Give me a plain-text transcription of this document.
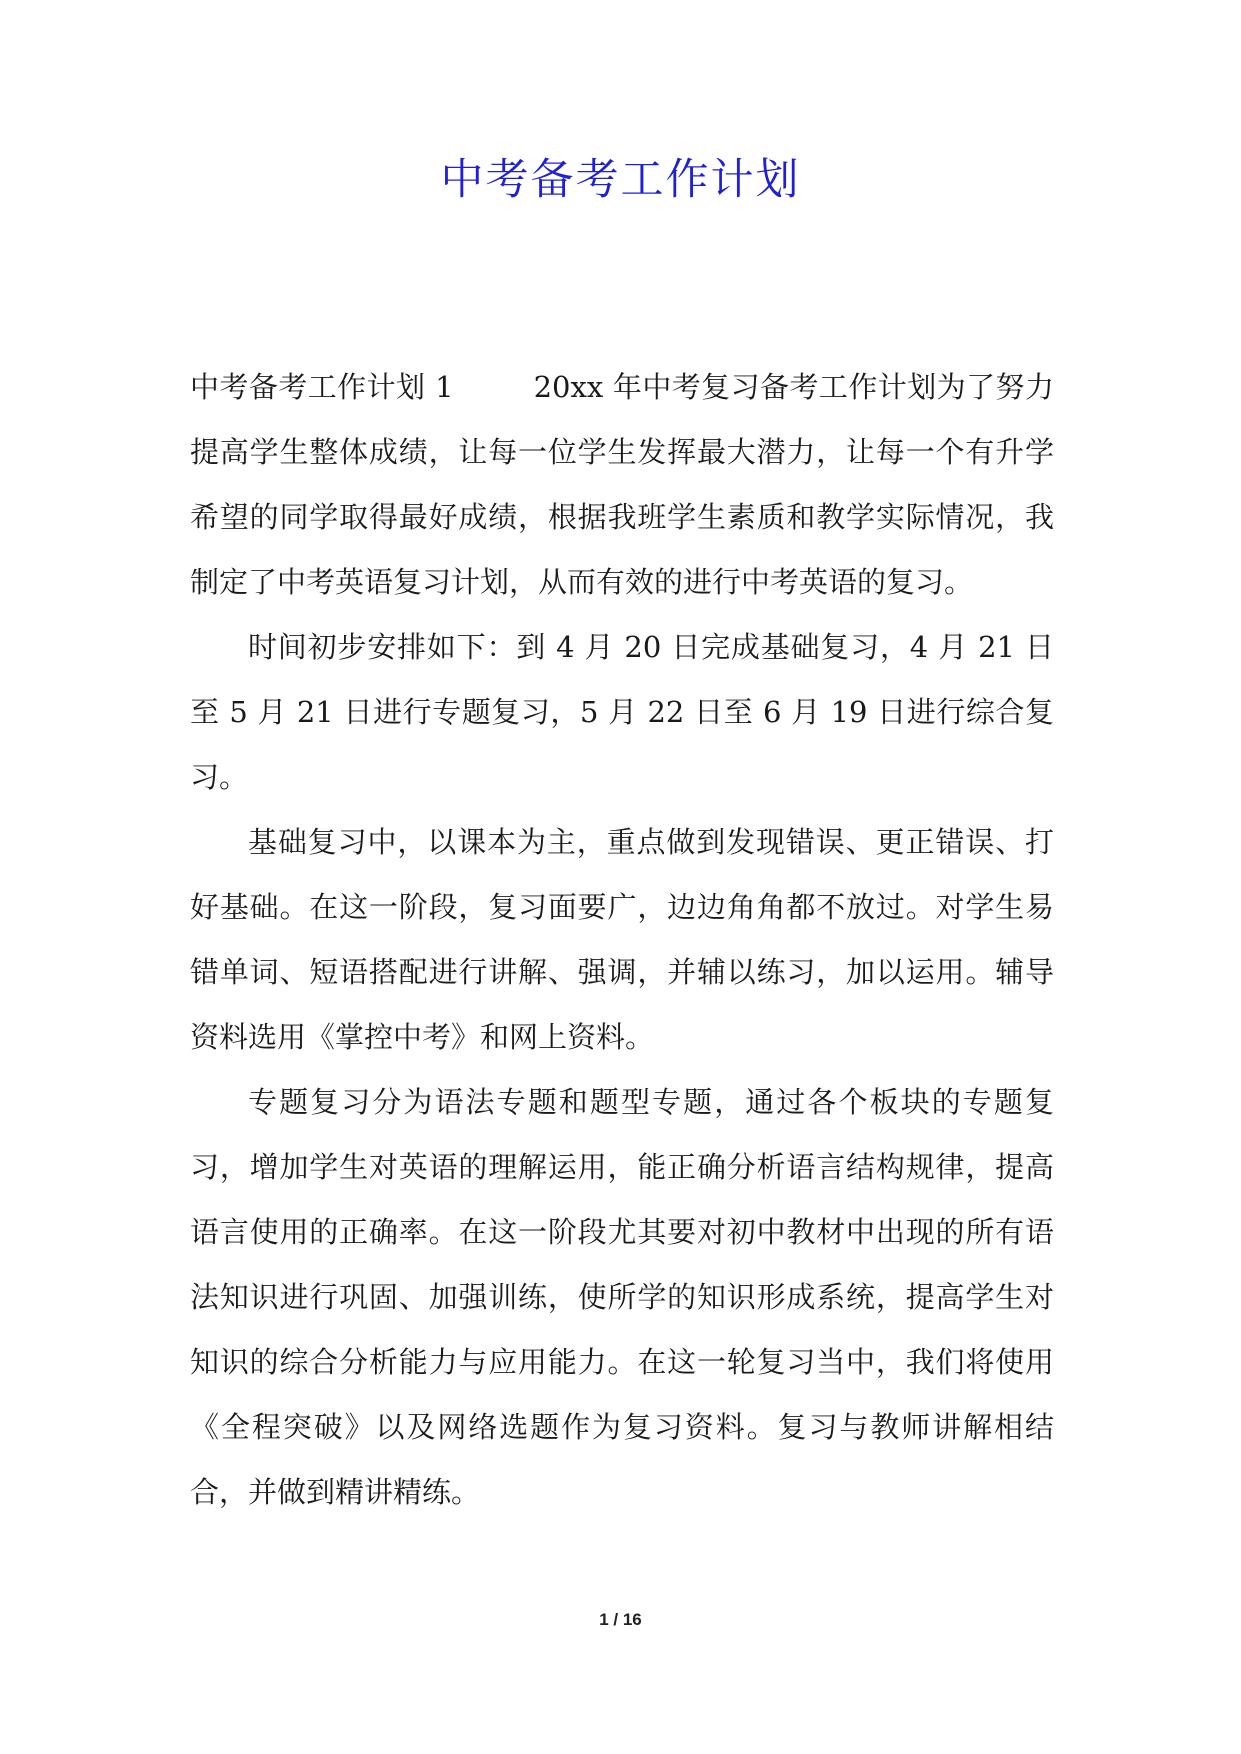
中考备考工作计划

中考备考工作计划 1	20xx 年中考复习备考工作计划为了努力提高学生整体成绩，让每一位学生发挥最大潜力，让每一个有升学希望的同学取得最好成绩，根据我班学生素质和教学实际情况，我制定了中考英语复习计划，从而有效的进行中考英语的复习。

时间初步安排如下：到 4 月 20 日完成基础复习，4 月 21 日至 5 月 21 日进行专题复习，5 月 22 日至 6 月 19 日进行综合复习。

基础复习中，以课本为主，重点做到发现错误、更正错误、打好基础。在这一阶段，复习面要广，边边角角都不放过。对学生易错单词、短语搭配进行讲解、强调，并辅以练习，加以运用。辅导资料选用《掌控中考》和网上资料。

专题复习分为语法专题和题型专题，通过各个板块的专题复习，增加学生对英语的理解运用，能正确分析语言结构规律，提高语言使用的正确率。在这一阶段尤其要对初中教材中出现的所有语法知识进行巩固、加强训练，使所学的知识形成系统，提高学生对知识的综合分析能力与应用能力。在这一轮复习当中，我们将使用《全程突破》以及网络选题作为复习资料。复习与教师讲解相结合，并做到精讲精练。

1 / 16
